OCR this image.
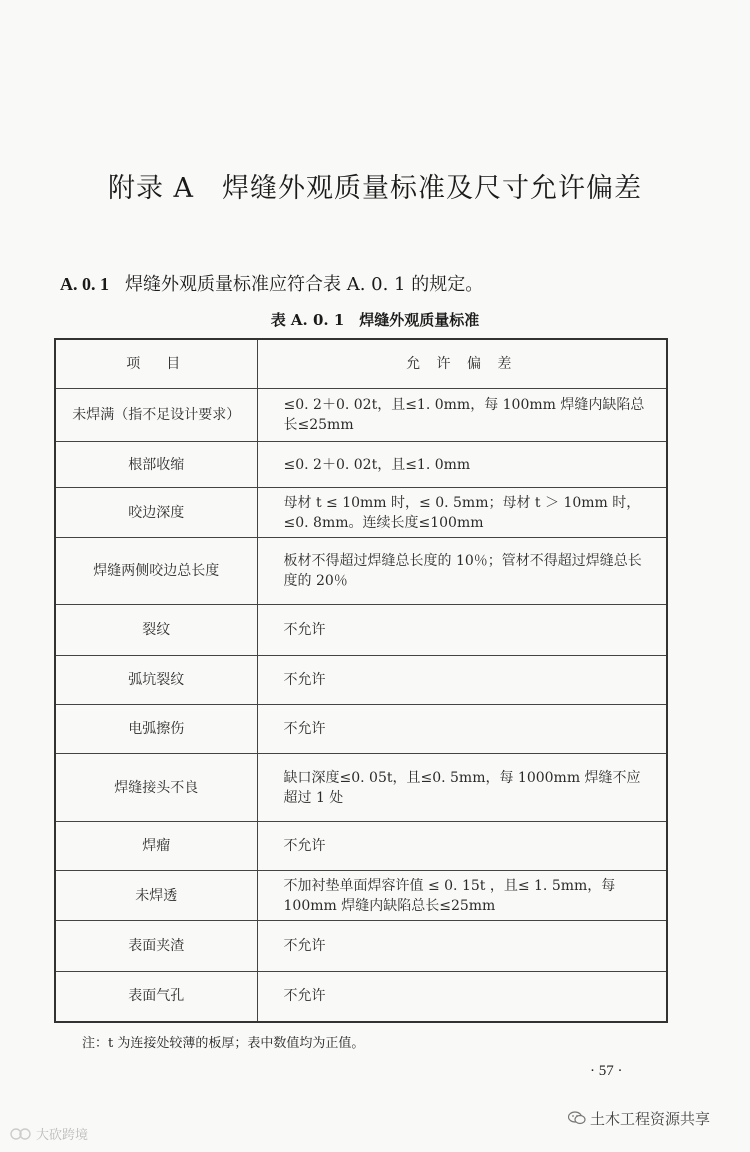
附录 A　焊缝外观质量标准及尺寸允许偏差
A. 0. 1 焊缝外观质量标准应符合表 A. 0. 1 的规定。
表 A. 0. 1　焊缝外观质量标准
项　目	允 许 偏 差
未焊满（指不足设计要求）	≤0. 2＋0. 02t，且≤1. 0mm，每 100mm 焊缝内缺陷总长≤25mm
根部收缩	≤0. 2＋0. 02t，且≤1. 0mm
咬边深度	母材 t ≤ 10mm 时，≤ 0. 5mm；母材 t ＞ 10mm 时，≤0. 8mm。连续长度≤100mm
焊缝两侧咬边总长度	板材不得超过焊缝总长度的 10％；管材不得超过焊缝总长度的 20％
裂纹	不允许
弧坑裂纹	不允许
电弧擦伤	不允许
焊缝接头不良	缺口深度≤0. 05t，且≤0. 5mm，每 1000mm 焊缝不应超过 1 处
焊瘤	不允许
未焊透	不加衬垫单面焊容许值 ≤ 0. 15t ，且≤ 1. 5mm，每 100mm 焊缝内缺陷总长≤25mm
表面夹渣	不允许
表面气孔	不允许
注：t 为连接处较薄的板厚；表中数值均为正值。
· 57 ·
土木工程资源共享
大砍跨境
